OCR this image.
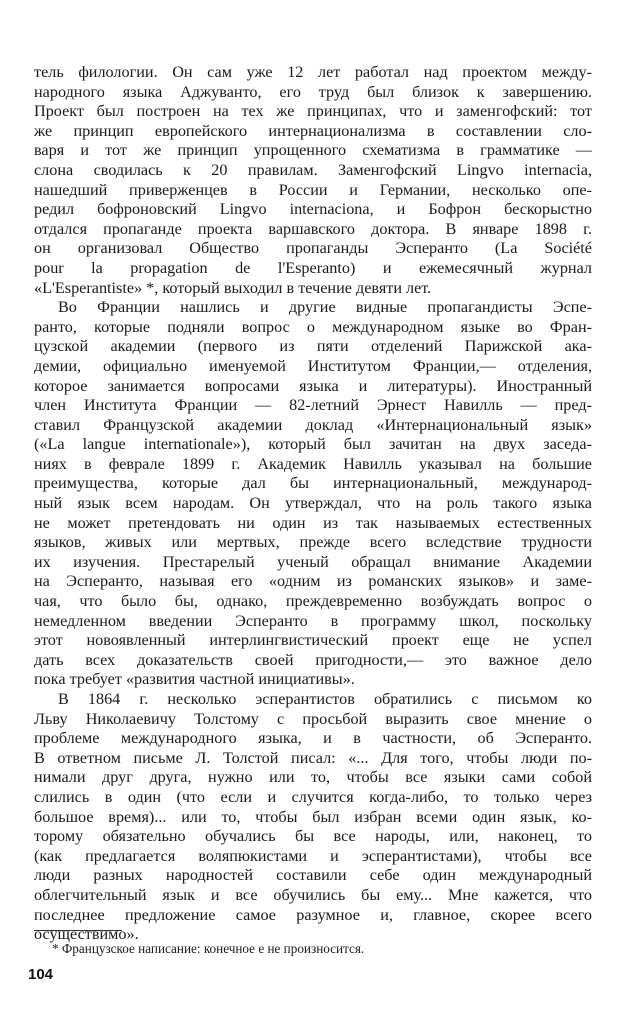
тель филологии. Он сам уже 12 лет работал над проектом между-
народного языка Аджуванто, его труд был близок к завершению.
Проект был построен на тех же принципах, что и заменгофский: тот
же принцип европейского интернационализма в составлении сло-
варя и тот же принцип упрощенного схематизма в грамматике —
слона сводилась к 20 правилам. Заменгофский Lingvo internacia,
нашедший приверженцев в России и Германии, несколько опе-
редил бофроновский Lingvo internaciona, и Бофрон бескорыстно
отдался пропаганде проекта варшавского доктора. В январе 1898 г.
он организовал Общество пропаганды Эсперанто (La Société
pour la propagation de l'Esperanto) и ежемесячный журнал
«L'Esperantiste» *, который выходил в течение девяти лет.
Во Франции нашлись и другие видные пропагандисты Эспе-
ранто, которые подняли вопрос о международном языке во Фран-
цузской академии (первого из пяти отделений Парижской ака-
демии, официально именуемой Институтом Франции,— отделения,
которое занимается вопросами языка и литературы). Иностранный
член Института Франции — 82-летний Эрнест Навилль — пред-
ставил Французской академии доклад «Интернациональный язык»
(«La langue internationale»), который был зачитан на двух заседа-
ниях в феврале 1899 г. Академик Навилль указывал на большие
преимущества, которые дал бы интернациональный, международ-
ный язык всем народам. Он утверждал, что на роль такого языка
не может претендовать ни один из так называемых естественных
языков, живых или мертвых, прежде всего вследствие трудности
их изучения. Престарелый ученый обращал внимание Академии
на Эсперанто, называя его «одним из романских языков» и заме-
чая, что было бы, однако, преждевременно возбуждать вопрос о
немедленном введении Эсперанто в программу школ, поскольку
этот новоявленный интерлингвистический проект еще не успел
дать всех доказательств своей пригодности,— это важное дело
пока требует «развития частной инициативы».
В 1864 г. несколько эсперантистов обратились с письмом ко
Льву Николаевичу Толстому с просьбой выразить свое мнение о
проблеме международного языка, и в частности, об Эсперанто.
В ответном письме Л. Толстой писал: «... Для того, чтобы люди по-
нимали друг друга, нужно или то, чтобы все языки сами собой
слились в один (что если и случится когда-либо, то только через
большое время)... или то, чтобы был избран всеми один язык, ко-
торому обязательно обучались бы все народы, или, наконец, то
(как предлагается воляпюкистами и эсперантистами), чтобы все
люди разных народностей составили себе один международный
облегчительный язык и все обучились бы ему... Мне кажется, что
последнее предложение самое разумное и, главное, скорее всего
осуществимо».
* Французское написание: конечное е не произносится.
104
